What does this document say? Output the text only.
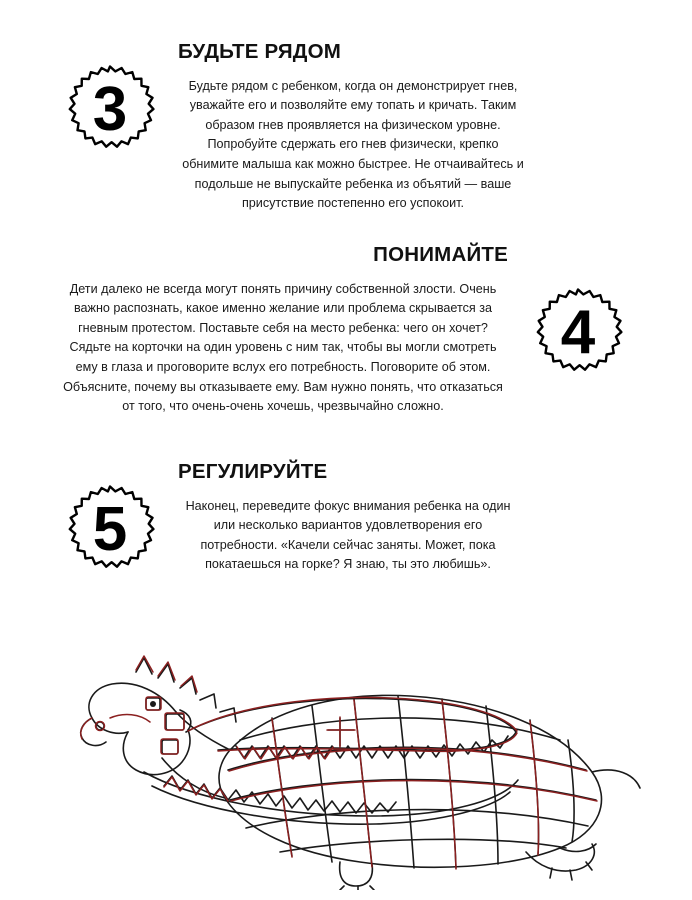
3
БУДЬТЕ РЯДОМ

Будьте рядом с ребенком, когда он демонстрирует гнев, уважайте его и позволяйте ему топать и кричать. Таким образом гнев проявляется на физическом уровне. Попробуйте сдержать его гнев физически, крепко обнимите малыша как можно быстрее. Не отчаивайтесь и подольше не выпускайте ребенка из объятий — ваше присутствие постепенно его успокоит.

4
ПОНИМАЙТЕ

Дети далеко не всегда могут понять причину собственной злости. Очень важно распознать, какое именно желание или проблема скрывается за гневным протестом. Поставьте себя на место ребенка: чего он хочет? Сядьте на корточки на один уровень с ним так, чтобы вы могли смотреть ему в глаза и проговорите вслух его потребность. Поговорите об этом. Объясните, почему вы отказываете ему. Вам нужно понять, что отказаться от того, что очень-очень хочешь, чрезвычайно сложно.

5
РЕГУЛИРУЙТЕ

Наконец, переведите фокус внимания ребенка на один или несколько вариантов удовлетворения его потребности. «Качели сейчас заняты. Может, пока покатаешься на горке? Я знаю, ты это любишь».
